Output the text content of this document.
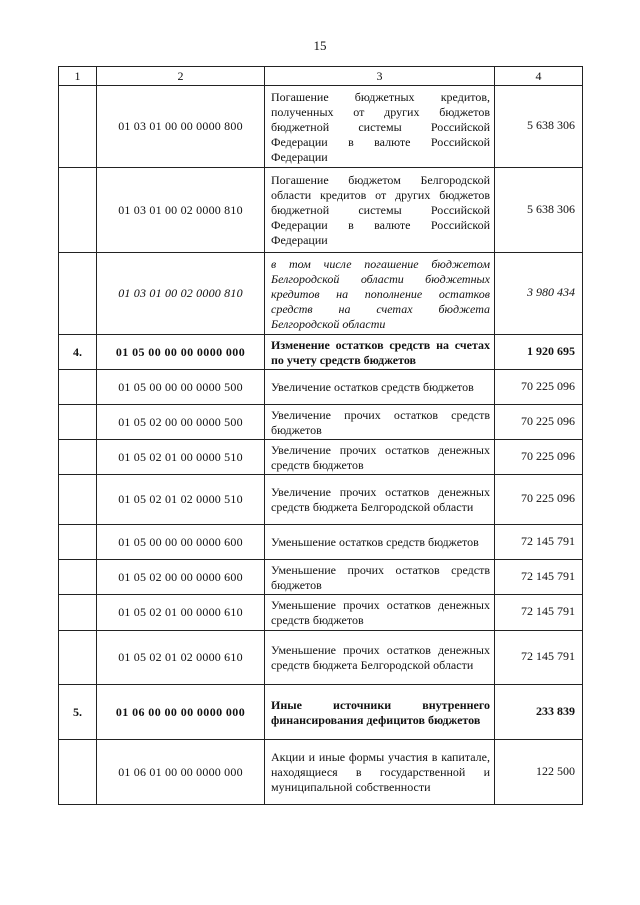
15
1	2	3	4
	01 03 01 00 00 0000 800	Погашение бюджетных кредитов, полученных от других бюджетов бюджетной системы Российской Федерации в валюте Российской Федерации	5 638 306
	01 03 01 00 02 0000 810	Погашение бюджетом Белгородской области кредитов от других бюджетов бюджетной системы Российской Федерации в валюте Российской Федерации	5 638 306
	01 03 01 00 02 0000 810	в том числе погашение бюджетом Белгородской области бюджетных кредитов на пополнение остатков средств на счетах бюджета Белгородской области	3 980 434
4.	01 05 00 00 00 0000 000	Изменение остатков средств на счетах по учету средств бюджетов	1 920 695
	01 05 00 00 00 0000 500	Увеличение остатков средств бюджетов	70 225 096
	01 05 02 00 00 0000 500	Увеличение прочих остатков средств бюджетов	70 225 096
	01 05 02 01 00 0000 510	Увеличение прочих остатков денежных средств бюджетов	70 225 096
	01 05 02 01 02 0000 510	Увеличение прочих остатков денежных средств бюджета Белгородской области	70 225 096
	01 05 00 00 00 0000 600	Уменьшение остатков средств бюджетов	72 145 791
	01 05 02 00 00 0000 600	Уменьшение прочих остатков средств бюджетов	72 145 791
	01 05 02 01 00 0000 610	Уменьшение прочих остатков денежных средств бюджетов	72 145 791
	01 05 02 01 02 0000 610	Уменьшение прочих остатков денежных средств бюджета Белгородской области	72 145 791
5.	01 06 00 00 00 0000 000	Иные источники внутреннего финансирования дефицитов бюджетов	233 839
	01 06 01 00 00 0000 000	Акции и иные формы участия в капитале, находящиеся в государственной и муниципальной собственности	122 500
